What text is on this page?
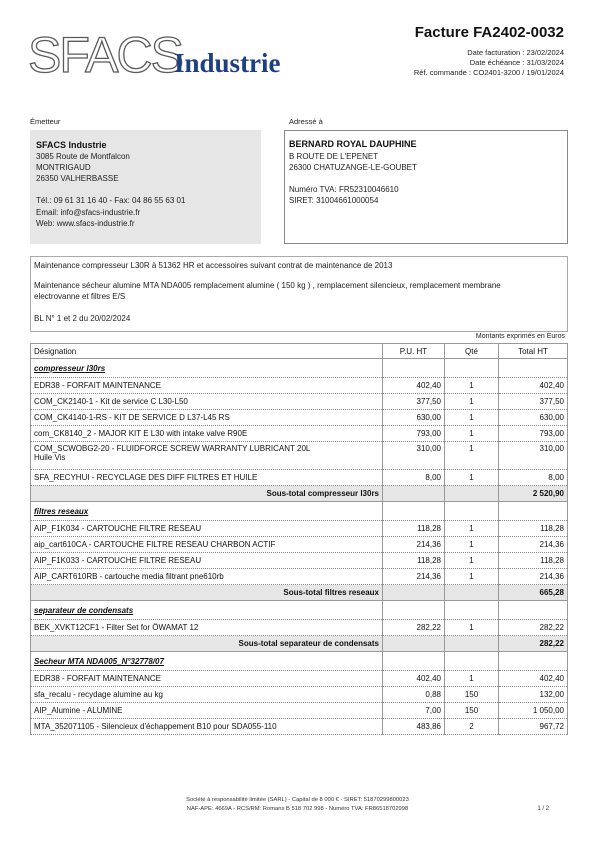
SFACS
Industrie
Facture FA2402-0032
Date facturation : 23/02/2024
Date échéance : 31/03/2024
Réf. commande : CO2401-3200 / 19/01/2024
Émetteur
SFACS Industrie
3085 Route de Montfalcon
MONTRIGAUD
26350 VALHERBASSE
Tél.: 09 61 31 16 40 - Fax: 04 86 55 63 01
Email: info@sfacs-industrie.fr
Web: www.sfacs-industrie.fr
Adressé à
BERNARD ROYAL DAUPHINE
B ROUTE DE L'EPENET
26300 CHATUZANGE-LE-GOUBET
Numéro TVA: FR52310046610
SIRET: 31004661000054
Maintenance compresseur L30R à 51362 HR et accessoires suivant contrat de maintenance de 2013
Maintenance sécheur alumine MTA NDA005 remplacement alumine ( 150 kg ) , remplacement silencieux, remplacement membrane
electrovanne et filtres E/S
BL N° 1 et 2 du 20/02/2024
Montants exprimés en Euros
Désignation	P.U. HT	Qté	Total HT
compresseur l30rs			
EDR38 - FORFAIT MAINTENANCE	402,40	1	402,40
COM_CK2140-1 - Kit de service C L30-L50	377,50	1	377,50
COM_CK4140-1-RS - KIT DE SERVICE D L37-L45 RS	630,00	1	630,00
com_CK8140_2 - MAJOR KIT E L30 with intake valve R90E	793,00	1	793,00

COM_SCWOBG2-20 - FLUIDFORCE SCREW WARRANTY LUBRICANT 20L
Huile Vis	310,00	1	310,00
SFA_RECYHUI - RECYCLAGE DES DIFF FILTRES ET HUILE	8,00	1	8,00
Sous-total compresseur l30rs			2 520,90
filtres reseaux			
AIP_F1K034 - CARTOUCHE FILTRE RESEAU	118,28	1	118,28
aip_cart610CA - CARTOUCHE FILTRE RESEAU CHARBON ACTIF	214,36	1	214,36
AIP_F1K033 - CARTOUCHE FILTRE RESEAU	118,28	1	118,28
AIP_CART610RB - cartouche media filtrant pne610rb	214,36	1	214,36
Sous-total filtres reseaux			665,28
separateur de condensats			
BEK_XVKT12CF1 - Filter Set for ÖWAMAT 12	282,22	1	282,22
Sous-total separateur de condensats			282,22
Secheur MTA NDA005_N°32778/07			
EDR38 - FORFAIT MAINTENANCE	402,40	1	402,40
sfa_recalu - recydage alumine au kg	0,88	150	132,00
AIP_Alumine - ALUMINE	7,00	150	1 050,00
MTA_352071105 - Silencieux d'échappement B10 pour SDA055-110	483,86	2	967,72
Société à responsabilité limitée (SARL) - Capital de 8 000 € - SIRET: 51870299800023
NAF-APE: 4669A - RCS/RM: Romans B 518 702 998 - Numéro TVA: FR86518702998	1 / 2
